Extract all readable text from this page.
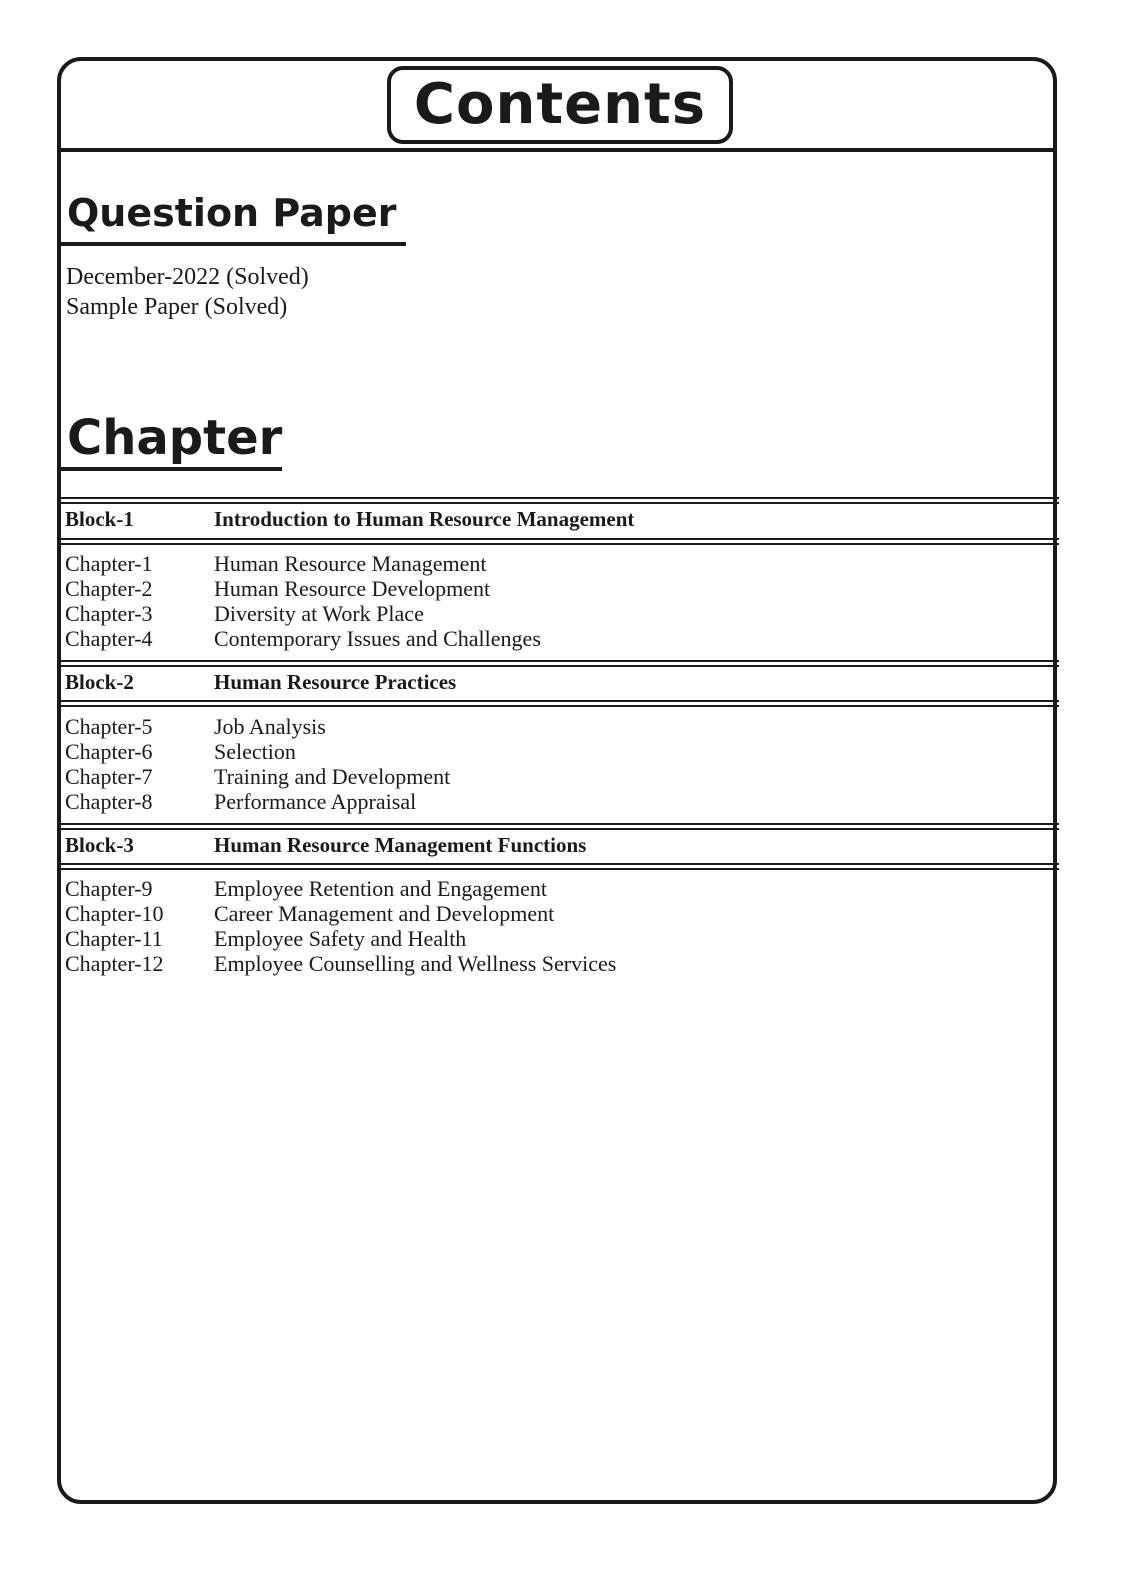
Contents
Question Paper
December-2022 (Solved)
Sample Paper (Solved)
Chapter
Block-1	Introduction to Human Resource Management
Chapter-1	Human Resource Management
Chapter-2	Human Resource Development
Chapter-3	Diversity at Work Place
Chapter-4	Contemporary Issues and Challenges
Block-2	Human Resource Practices
Chapter-5	Job Analysis
Chapter-6	Selection
Chapter-7	Training and Development
Chapter-8	Performance Appraisal
Block-3	Human Resource Management Functions
Chapter-9	Employee Retention and Engagement
Chapter-10 Career Management and Development
Chapter-11 Employee Safety and Health
Chapter-12 Employee Counselling and Wellness Services
